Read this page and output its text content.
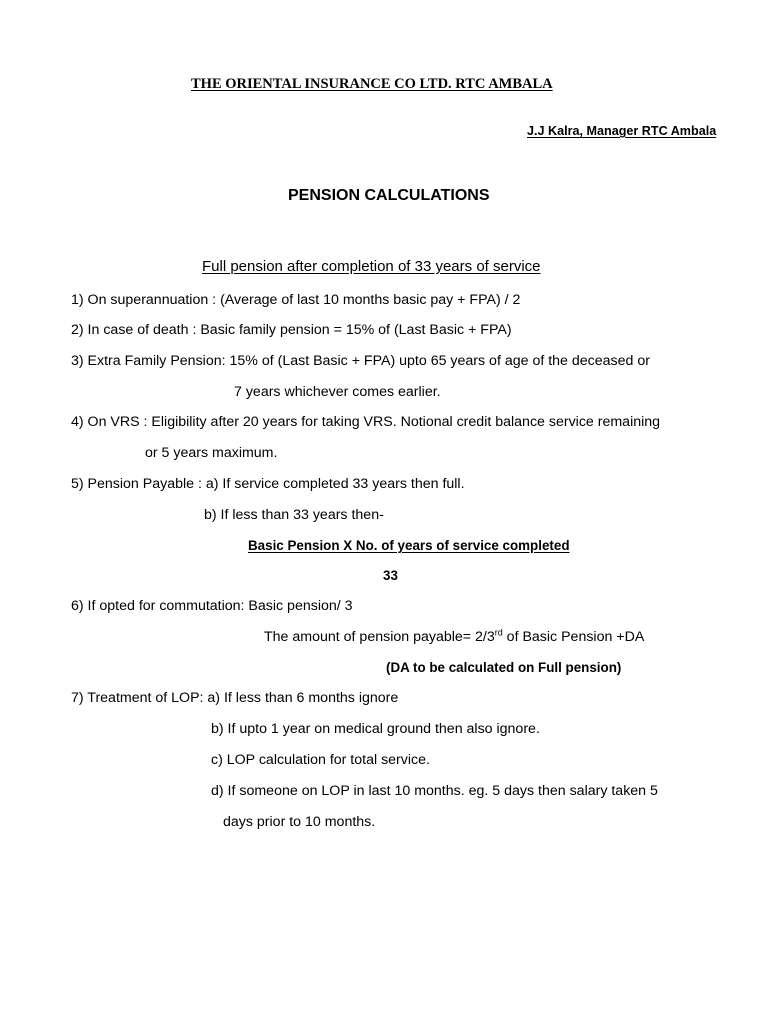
THE ORIENTAL INSURANCE CO LTD. RTC AMBALA
J.J Kalra, Manager RTC Ambala
PENSION CALCULATIONS
Full pension after completion of 33 years of service
1) On superannuation : (Average of last 10 months basic pay + FPA) / 2
2) In case of death : Basic family pension = 15% of (Last Basic + FPA)
3) Extra Family Pension: 15% of (Last Basic + FPA) upto 65 years of age of the deceased or
7 years whichever comes earlier.
4) On VRS : Eligibility after 20 years for taking VRS. Notional credit balance service remaining
or 5 years maximum.
5) Pension Payable : a) If service completed 33 years then full.
b) If less than 33 years then-
Basic Pension X No. of years of service completed
33
6) If opted for commutation: Basic pension/ 3
The amount of pension payable= 2/3rd of Basic Pension +DA
(DA to be calculated on Full pension)
7) Treatment of LOP: a) If less than 6 months ignore
b) If upto 1 year on medical ground then also ignore.
c) LOP calculation for total service.
d) If someone on LOP in last 10 months. eg. 5 days then salary taken 5
days prior to 10 months.
